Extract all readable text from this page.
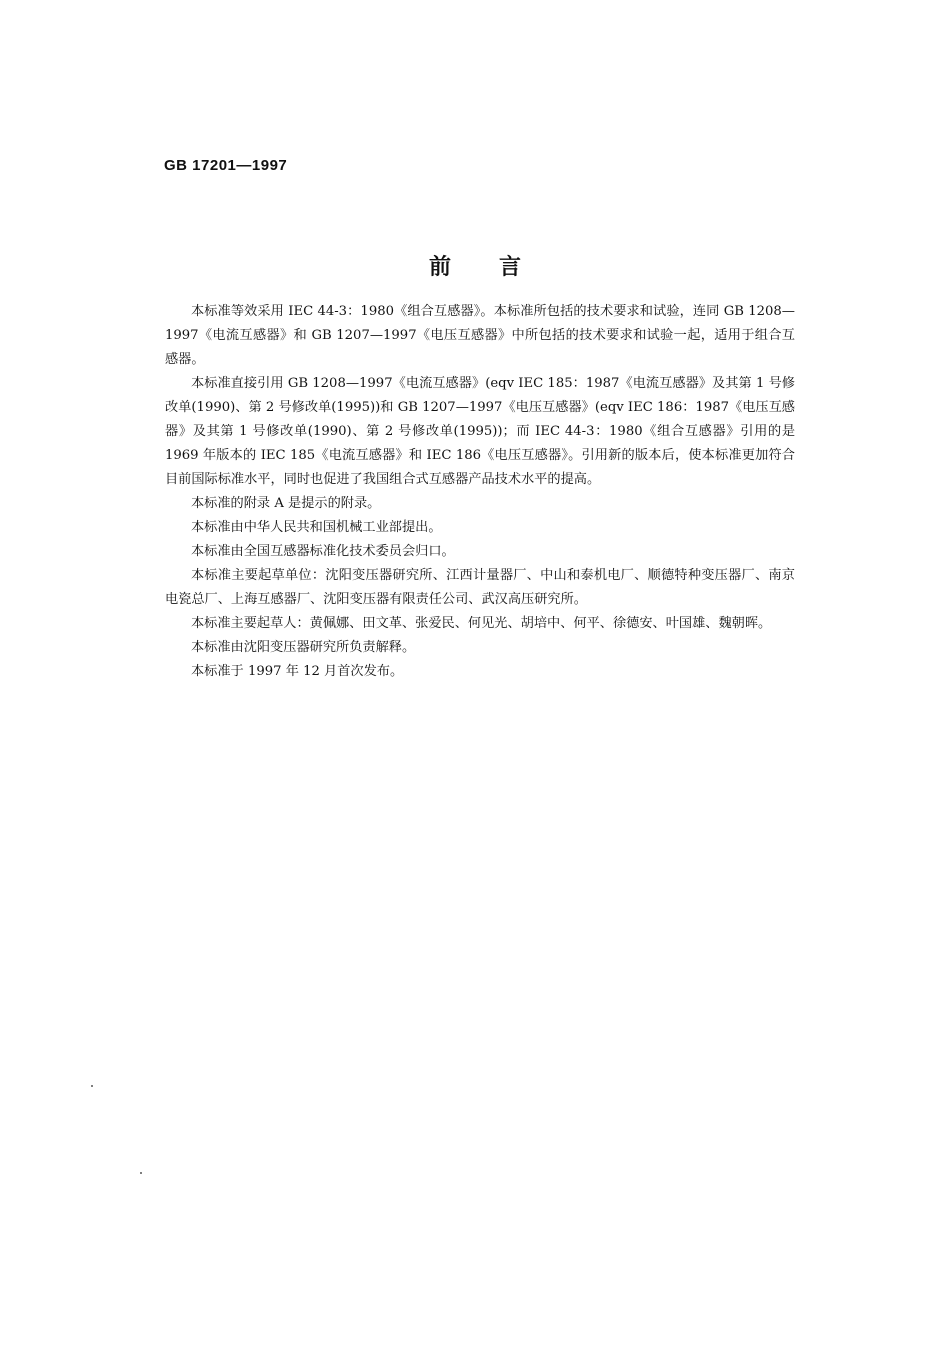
GB 17201—1997
前言

本标准等效采用 IEC 44-3：1980《组合互感器》。本标准所包括的技术要求和试验，连同 GB 1208—1997《电流互感器》和 GB 1207—1997《电压互感器》中所包括的技术要求和试验一起，适用于组合互感器。

本标准直接引用 GB 1208—1997《电流互感器》(eqv IEC 185：1987《电流互感器》及其第 1 号修改单(1990)、第 2 号修改单(1995))和 GB 1207—1997《电压互感器》(eqv IEC 186：1987《电压互感器》及其第 1 号修改单(1990)、第 2 号修改单(1995))；而 IEC 44-3：1980《组合互感器》引用的是 1969 年版本的 IEC 185《电流互感器》和 IEC 186《电压互感器》。引用新的版本后，使本标准更加符合目前国际标准水平，同时也促进了我国组合式互感器产品技术水平的提高。

本标准的附录 A 是提示的附录。

本标准由中华人民共和国机械工业部提出。

本标准由全国互感器标准化技术委员会归口。

本标准主要起草单位：沈阳变压器研究所、江西计量器厂、中山和泰机电厂、顺德特种变压器厂、南京电瓷总厂、上海互感器厂、沈阳变压器有限责任公司、武汉高压研究所。

本标准主要起草人：黄佩娜、田文革、张爱民、何见光、胡培中、何平、徐德安、叶国雄、魏朝晖。

本标准由沈阳变压器研究所负责解释。

本标准于 1997 年 12 月首次发布。
